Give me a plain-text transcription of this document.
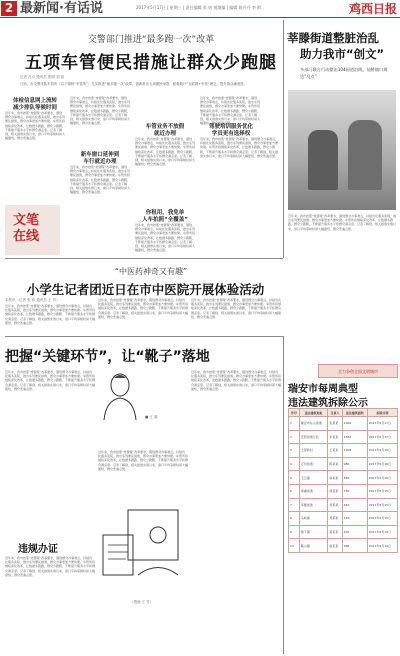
2 最新闻·有话说	2017年5月17日 | 星期三 | 责任编辑 张 怡 视频编 | 编辑 陈丹丹 李 群	鸡西日报
交警部门推进“最多跑一次”改革
五项车管便民措施让群众少跑腿
记者 吕卉 通讯员 张明 刘 凯
日前，市交警支队车管所（以下简称“车管所”）扎实推进“最多跑一次”改革，创新推出五项便民举措，积极践行“互联网+车管”理念，提升群众满意度。
体检信息网上流转
减少排队等候时间
近年来，我市按照“放管服”改革要求，围绕群众办事难点，持续优化服务流程，推出系列便民措施，群众办事更加方便快捷。车管所将继续深化改革，让数据多跑路，群众少跑腿，不断提升服务水平和群众满意度。记者了解到，相关措施实施以来，窗口平均等候时间大幅缩短，群众普遍点赞。
近年来，我市按照“放管服”改革要求，围绕群众办事难点，持续优化服务流程，推出系列便民措施，群众办事更加方便快捷。车管所将继续深化改革，让数据多跑路，群众少跑腿，不断提升服务水平和群众满意度。记者了解到，相关措施实施以来，窗口平均等候时间大幅缩短，群众普遍点赞。
新车窗口延伸到
车行就近办理
近年来，我市按照“放管服”改革要求，围绕群众办事难点，持续优化服务流程，推出系列便民措施，群众办事更加方便快捷。车管所将继续深化改革，让数据多跑路，群众少跑腿，不断提升服务水平和群众满意度。记者了解到，相关措施实施以来，窗口平均等候时间大幅缩短，群众普遍点赞。
车管业务不放假
就近办理
近年来，我市按照“放管服”改革要求，围绕群众办事难点，持续优化服务流程，推出系列便民措施，群众办事更加方便快捷。车管所将继续深化改革，让数据多跑路，群众少跑腿，不断提升服务水平和群众满意度。记者了解到，相关措施实施以来，窗口平均等候时间大幅缩短，群众普遍点赞。
你租用，我免单
人车拍照“全覆盖”
近年来，我市按照“放管服”改革要求，围绕群众办事难点，持续优化服务流程，推出系列便民措施，群众办事更加方便快捷。车管所将继续深化改革，让数据多跑路，群众少跑腿，不断提升服务水平和群众满意度。记者了解到，相关措施实施以来，窗口平均等候时间大幅缩短，群众普遍点赞。
近年来，我市按照“放管服”改革要求，围绕群众办事难点，持续优化服务流程，推出系列便民措施，群众办事更加方便快捷。车管所将继续深化改革，让数据多跑路，群众少跑腿，不断提升服务水平和群众满意度。记者了解到，相关措施实施以来，窗口平均等候时间大幅缩短，群众普遍点赞。
驾驶培训服务优化
学员更有选择权
近年来，我市按照“放管服”改革要求，围绕群众办事难点，持续优化服务流程，推出系列便民措施，群众办事更加方便快捷。车管所将继续深化改革，让数据多跑路，群众少跑腿，不断提升服务水平和群众满意度。记者了解到，相关措施实施以来，窗口平均等候时间大幅缩短，群众普遍点赞。
文笔在线
莘滕街道整脏治乱
助力我市“创文”
多部门联合行动整治104国道沿线，仙桥镇口周边“乱点”
近年来，我市按照“放管服”改革要求，围绕群众办事难点，持续优化服务流程，推出系列便民措施，群众办事更加方便快捷。车管所将继续深化改革，让数据多跑路，群众少跑腿，不断提升服务水平和群众满意度。记者了解到，相关措施实施以来，窗口平均等候时间大幅缩短，群众普遍点赞。
“中医药神奇又有趣”
小学生记者团近日在市中医院开展体验活动
本报讯（记者 张 伟 通讯员 王 乐）
近年来，我市按照“放管服”改革要求，围绕群众办事难点，持续优化服务流程，推出系列便民措施，群众办事更加方便快捷。车管所将继续深化改革，让数据多跑路，群众少跑腿，不断提升服务水平和群众满意度。记者了解到，相关措施实施以来，窗口平均等候时间大幅缩短，群众普遍点赞。
近年来，我市按照“放管服”改革要求，围绕群众办事难点，持续优化服务流程，推出系列便民措施，群众办事更加方便快捷。车管所将继续深化改革，让数据多跑路，群众少跑腿，不断提升服务水平和群众满意度。记者了解到，相关措施实施以来，窗口平均等候时间大幅缩短，群众普遍点赞。
近年来，我市按照“放管服”改革要求，围绕群众办事难点，持续优化服务流程，推出系列便民措施，群众办事更加方便快捷。车管所将继续深化改革，让数据多跑路，群众少跑腿，不断提升服务水平和群众满意度。记者了解到，相关措施实施以来，窗口平均等候时间大幅缩短，群众普遍点赞。
把握“关键环节”，让“靴子”落地
近年来，我市按照“放管服”改革要求，围绕群众办事难点，持续优化服务流程，推出系列便民措施，群众办事更加方便快捷。车管所将继续深化改革，让数据多跑路，群众少跑腿，不断提升服务水平和群众满意度。记者了解到，相关措施实施以来，窗口平均等候时间大幅缩短，群众普遍点赞。
近年来，我市按照“放管服”改革要求，围绕群众办事难点，持续优化服务流程，推出系列便民措施，群众办事更加方便快捷。车管所将继续深化改革，让数据多跑路，群众少跑腿，不断提升服务水平和群众满意度。记者了解到，相关措施实施以来，窗口平均等候时间大幅缩短，群众普遍点赞。
近年来，我市按照“放管服”改革要求，围绕群众办事难点，持续优化服务流程，推出系列便民措施，群众办事更加方便快捷。车管所将继续深化改革，让数据多跑路，群众少跑腿，不断提升服务水平和群众满意度。记者了解到，相关措施实施以来，窗口平均等候时间大幅缩短，群众普遍点赞。
■ 王 丽
违规办证
（漫画 王 竹）
近年来，我市按照“放管服”改革要求，围绕群众办事难点，持续优化服务流程，推出系列便民措施，群众办事更加方便快捷。车管所将继续深化改革，让数据多跑路，群众少跑腿，不断提升服务水平和群众满意度。记者了解到，相关措施实施以来，窗口平均等候时间大幅缩短，群众普遍点赞。
瑞安市每周典型
违法建筑拆除公示
序号	违法建筑地址	当事人	违法建筑面积	拆除日期
1	瑞安市东山街道	张某某	2000	2017年5月17日
2	安阳街道万松	李某某	1850	2017年5月17日
3	上望新村	王某某	1200	2017年5月16日
4	汀田街道	陈某某	980	2017年5月16日
5	飞云镇	林某某	860	2017年5月16日
6	锦湖街道	周某某	750	2017年5月15日
7	莘塍街道	吴某某	640	2017年5月15日
8	马屿镇	郑某某	520	2017年5月15日
9	塘下镇	黄某某	430	2017年5月14日
10	陶山镇	赵某某	380	2017年5月14日
全力争创全国文明城市
